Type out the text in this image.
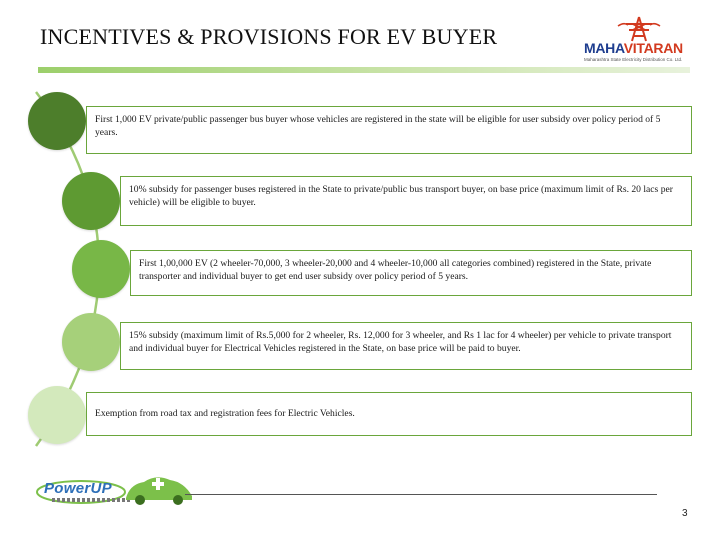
INCENTIVES & PROVISIONS FOR EV BUYER	MAHAVITARAN
Maharashtra State Electricity Distribution Co. Ltd.
First 1,000 EV private/public passenger bus buyer whose vehicles are registered in the state will be eligible for user subsidy over policy period of 5 years.
10% subsidy for passenger buses registered in the State to private/public bus transport buyer, on base price (maximum limit of Rs. 20 lacs per vehicle) will be eligible to buyer.
First 1,00,000 EV (2 wheeler-70,000, 3 wheeler-20,000 and 4 wheeler-10,000 all categories combined) registered in the State, private transporter and individual buyer to get end user subsidy over policy period of 5 years.
15% subsidy (maximum limit of Rs.5,000 for 2 wheeler, Rs. 12,000 for 3 wheeler, and Rs 1 lac for 4 wheeler) per vehicle to private transport and individual buyer for Electrical Vehicles registered in the State, on base price will be paid to buyer.
Exemption from road tax and registration fees for Electric Vehicles.
PowerUP
3
